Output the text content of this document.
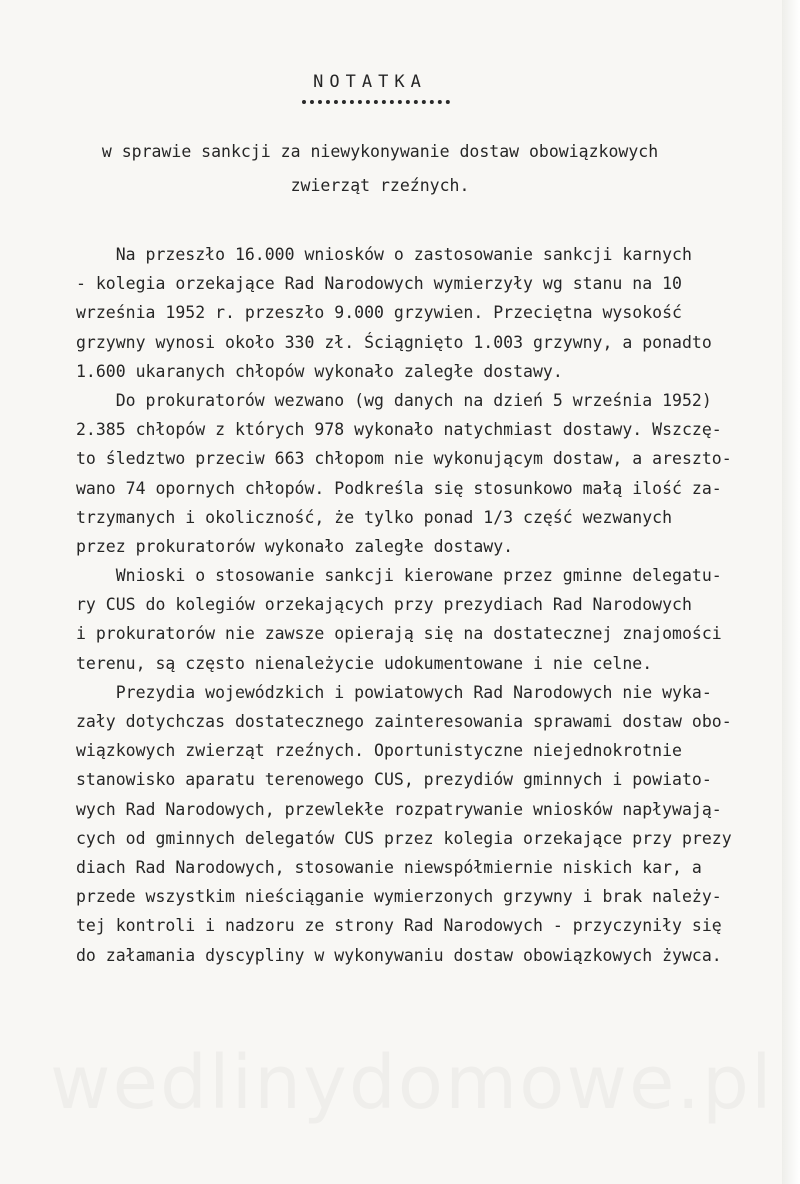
NOTATKA
w sprawie sankcji za niewykonywanie dostaw obowiązkowych
zwierząt rzeźnych.
Na przeszło 16.000 wniosków o zastosowanie sankcji karnych
- kolegia orzekające Rad Narodowych wymierzyły wg stanu na 10
września 1952 r. przeszło 9.000 grzywien. Przeciętna wysokość
grzywny wynosi około 330 zł. Ściągnięto 1.003 grzywny, a ponadto
1.600 ukaranych chłopów wykonało zaległe dostawy.
Do prokuratorów wezwano (wg danych na dzień 5 września 1952)
2.385 chłopów z których 978 wykonało natychmiast dostawy. Wszczę-
to śledztwo przeciw 663 chłopom nie wykonującym dostaw, a areszto-
wano 74 opornych chłopów. Podkreśla się stosunkowo małą ilość za-
trzymanych i okoliczność, że tylko ponad 1/3 część wezwanych
przez prokuratorów wykonało zaległe dostawy.
Wnioski o stosowanie sankcji kierowane przez gminne delegatu-
ry CUS do kolegiów orzekających przy prezydiach Rad Narodowych
i prokuratorów nie zawsze opierają się na dostatecznej znajomości
terenu, są często nienależycie udokumentowane i nie celne.
Prezydia wojewódzkich i powiatowych Rad Narodowych nie wyka-
zały dotychczas dostatecznego zainteresowania sprawami dostaw obo-
wiązkowych zwierząt rzeźnych. Oportunistyczne niejednokrotnie
stanowisko aparatu terenowego CUS, prezydiów gminnych i powiato-
wych Rad Narodowych, przewlekłe rozpatrywanie wniosków napływają-
cych od gminnych delegatów CUS przez kolegia orzekające przy prezy
diach Rad Narodowych, stosowanie niewspółmiernie niskich kar, a
przede wszystkim nieściąganie wymierzonych grzywny i brak należy-
tej kontroli i nadzoru ze strony Rad Narodowych - przyczyniły się
do załamania dyscypliny w wykonywaniu dostaw obowiązkowych żywca.
